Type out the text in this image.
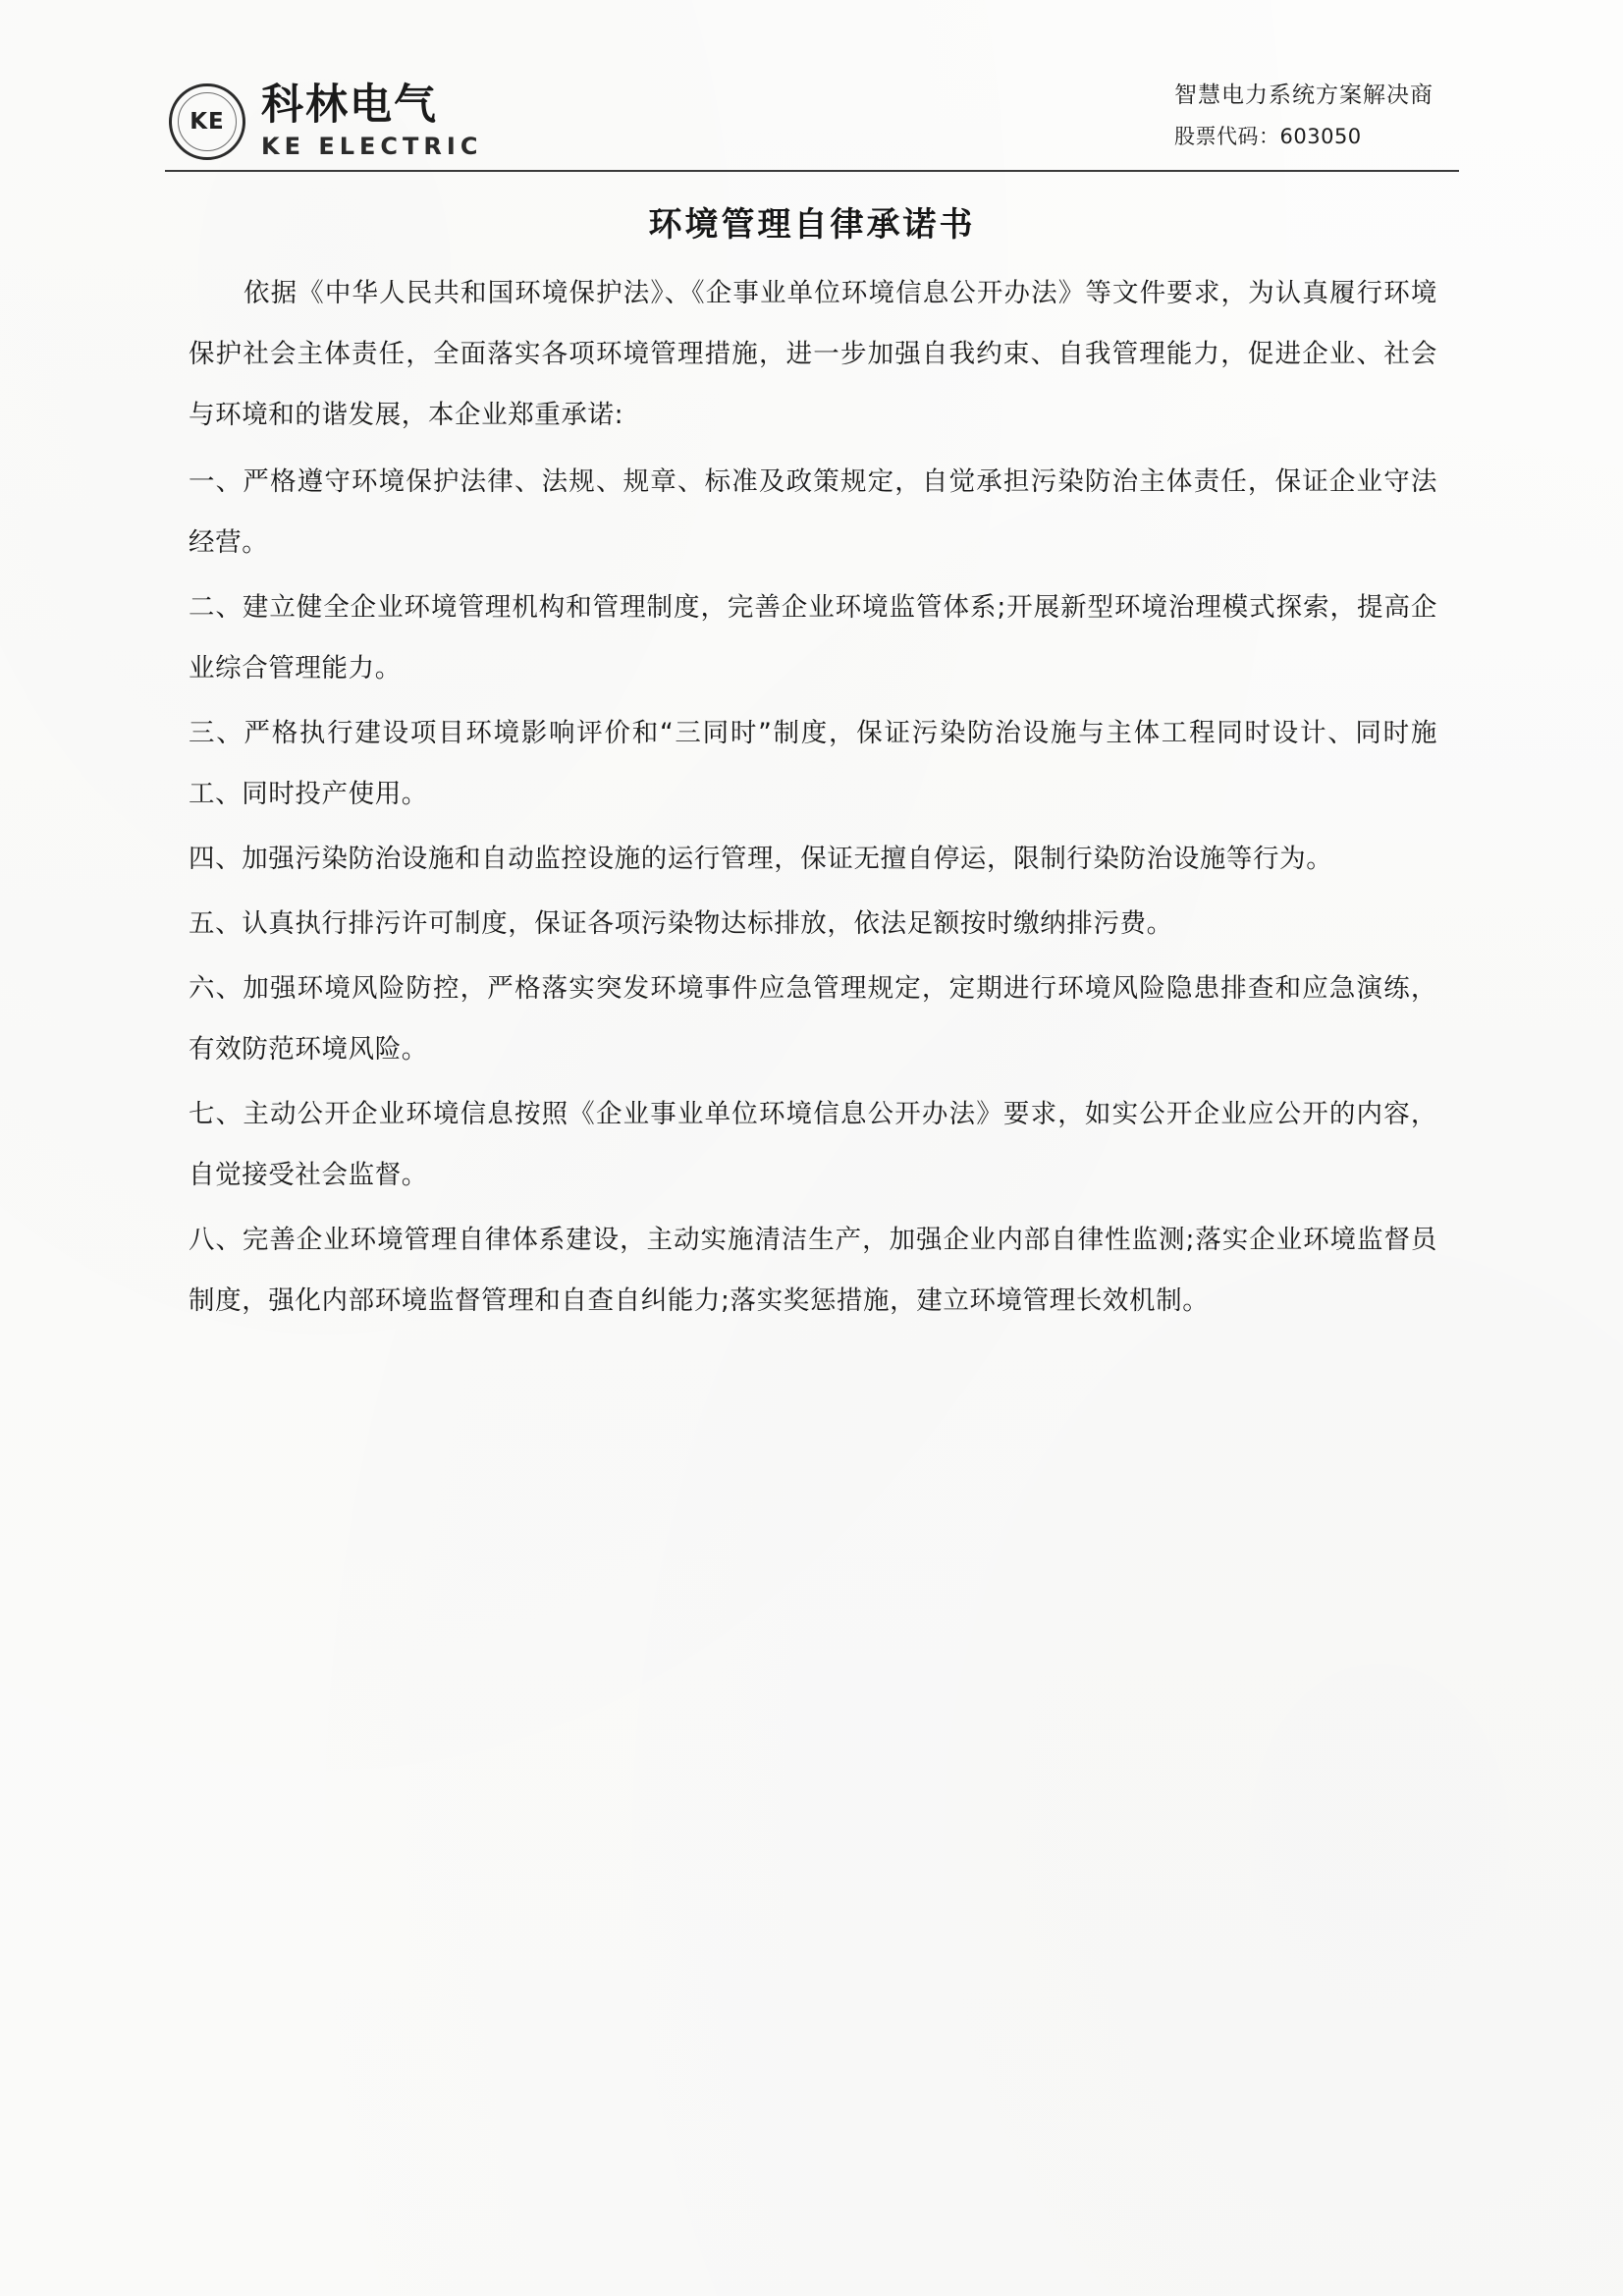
KE 科林电气
KE ELECTRIC
智慧电力系统方案解决商
股票代码：603050
环境管理自律承诺书

依据《中华人民共和国环境保护法》、《企事业单位环境信息公开办法》等文件要求，为认真履行环境保护社会主体责任，全面落实各项环境管理措施，进一步加强自我约束、自我管理能力，促进企业、社会与环境和的谐发展，本企业郑重承诺:

一、严格遵守环境保护法律、法规、规章、标准及政策规定，自觉承担污染防治主体责任，保证企业守法经营。

二、建立健全企业环境管理机构和管理制度，完善企业环境监管体系;开展新型环境治理模式探索，提高企业综合管理能力。

三、严格执行建设项目环境影响评价和“三同时”制度，保证污染防治设施与主体工程同时设计、同时施工、同时投产使用。

四、加强污染防治设施和自动监控设施的运行管理，保证无擅自停运，限制行染防治设施等行为。

五、认真执行排污许可制度，保证各项污染物达标排放，依法足额按时缴纳排污费。

六、加强环境风险防控，严格落实突发环境事件应急管理规定，定期进行环境风险隐患排查和应急演练，有效防范环境风险。

七、主动公开企业环境信息按照《企业事业单位环境信息公开办法》要求，如实公开企业应公开的内容，自觉接受社会监督。

八、完善企业环境管理自律体系建设，主动实施清洁生产，加强企业内部自律性监测;落实企业环境监督员制度，强化内部环境监督管理和自查自纠能力;落实奖惩措施，建立环境管理长效机制。
